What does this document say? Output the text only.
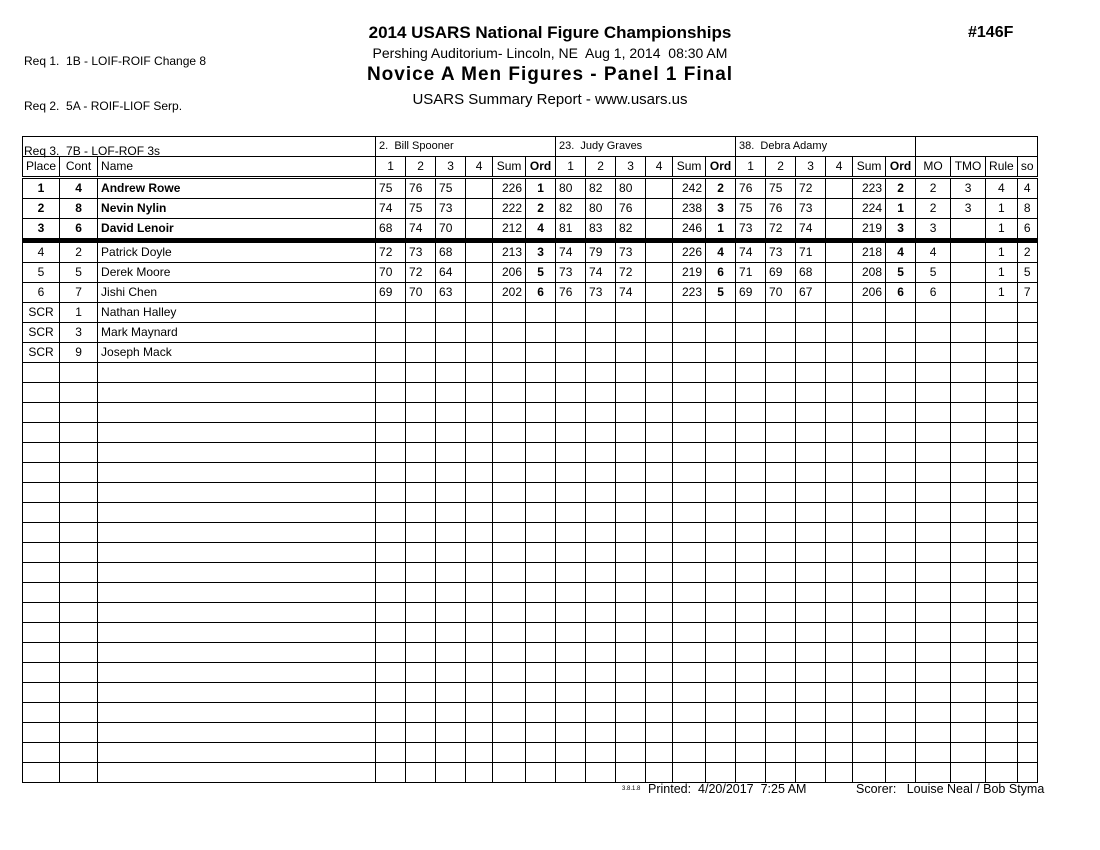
Req 1.  1B - LOIF-ROIF Change 8

Req 2.  5A - ROIF-LIOF Serp.

Req 3.  7B - LOF-ROF 3s

2014 USARS National Figure Championships
Pershing Auditorium- Lincoln, NE  Aug 1, 2014  08:30 AM
Novice A Men Figures - Panel 1 Final
USARS Summary Report - www.usars.us
#146F
			2.  Bill Spooner						23.  Judy Graves						38.  Debra Adamy									
Place	Cont	Name	1	2	3	4	Sum	Ord	1	2	3	4	Sum	Ord	1	2	3	4	Sum	Ord	MO	TMO	Rule	so
1	4	Andrew Rowe	75	76	75		226	1	80	82	80		242	2	76	75	72		223	2	2	3	4	4
2	8	Nevin Nylin	74	75	73		222	2	82	80	76		238	3	75	76	73		224	1	2	3	1	8
3	6	David Lenoir	68	74	70		212	4	81	83	82		246	1	73	72	74		219	3	3		1	6
4	2	Patrick Doyle	72	73	68		213	3	74	79	73		226	4	74	73	71		218	4	4		1	2
5	5	Derek Moore	70	72	64		206	5	73	74	72		219	6	71	69	68		208	5	5		1	5
6	7	Jishi Chen	69	70	63		202	6	76	73	74		223	5	69	70	67		206	6	6		1	7
SCR	1	Nathan Halley																						
SCR	3	Mark Maynard																						
SCR	9	Joseph Mack																						

3.8.1.8 Printed:  4/20/2017  7:25 AM	Scorer:   Louise Neal / Bob Styma
